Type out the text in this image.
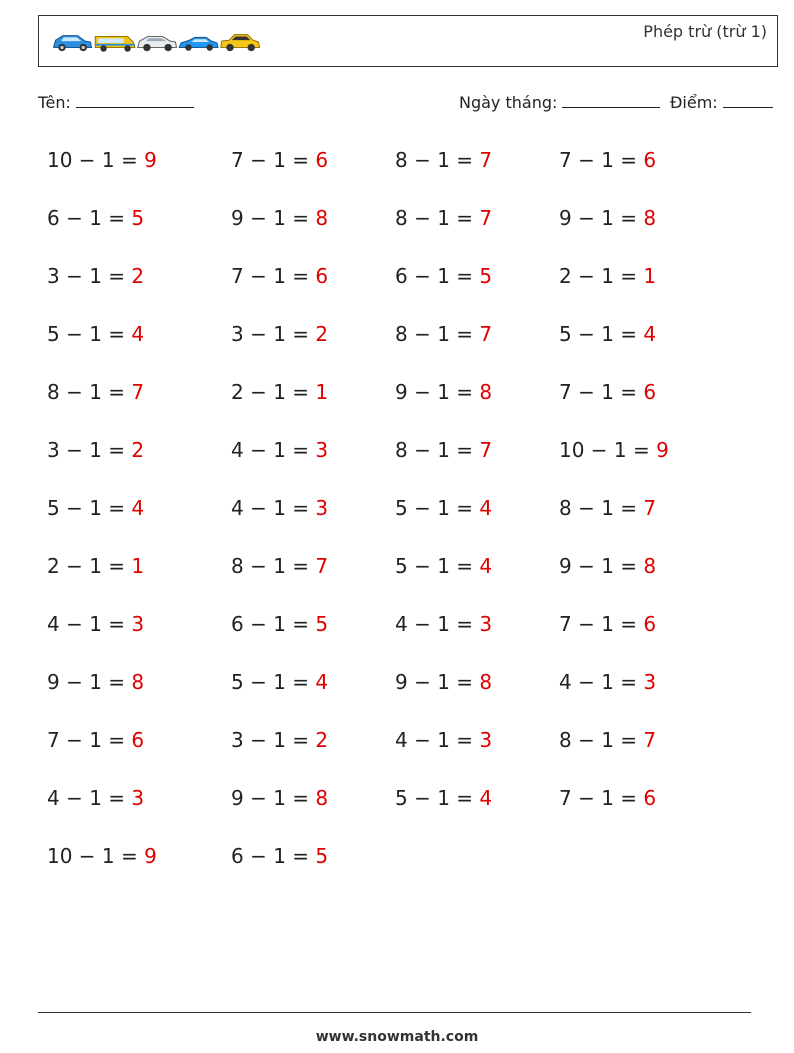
Phép trừ (trừ 1)
Tên:	Ngày tháng:	Điểm:
10 − 1 = 9	7 − 1 = 6	8 − 1 = 7	7 − 1 = 6
6 − 1 = 5	9 − 1 = 8	8 − 1 = 7	9 − 1 = 8
3 − 1 = 2	7 − 1 = 6	6 − 1 = 5	2 − 1 = 1
5 − 1 = 4	3 − 1 = 2	8 − 1 = 7	5 − 1 = 4
8 − 1 = 7	2 − 1 = 1	9 − 1 = 8	7 − 1 = 6
3 − 1 = 2	4 − 1 = 3	8 − 1 = 7	10 − 1 = 9
5 − 1 = 4	4 − 1 = 3	5 − 1 = 4	8 − 1 = 7
2 − 1 = 1	8 − 1 = 7	5 − 1 = 4	9 − 1 = 8
4 − 1 = 3	6 − 1 = 5	4 − 1 = 3	7 − 1 = 6
9 − 1 = 8	5 − 1 = 4	9 − 1 = 8	4 − 1 = 3
7 − 1 = 6	3 − 1 = 2	4 − 1 = 3	8 − 1 = 7
4 − 1 = 3	9 − 1 = 8	5 − 1 = 4	7 − 1 = 6
10 − 1 = 9	6 − 1 = 5
www.snowmath.com
